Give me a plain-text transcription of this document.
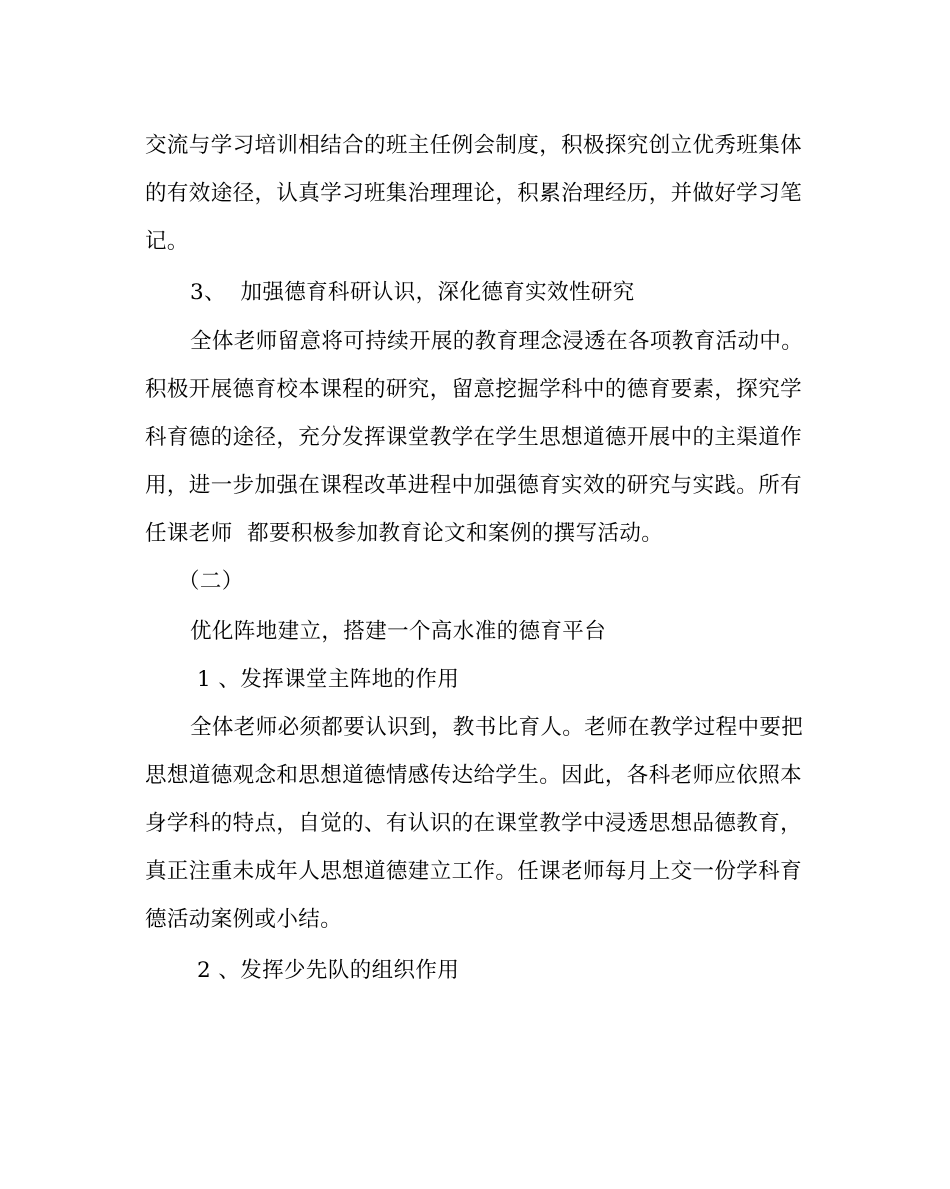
交流与学习培训相结合的班主任例会制度，积极探究创立优秀班集体
的有效途径，认真学习班集治理理论，积累治理经历，并做好学习笔
记。
3、  加强德育科研认识，深化德育实效性研究
全体老师留意将可持续开展的教育理念浸透在各项教育活动中。
积极开展德育校本课程的研究，留意挖掘学科中的德育要素，探究学
科育德的途径，充分发挥课堂教学在学生思想道德开展中的主渠道作
用，进一步加强在课程改革进程中加强德育实效的研究与实践。所有
任课老师  都要积极参加教育论文和案例的撰写活动。
（二）
优化阵地建立，搭建一个高水准的德育平台
1 、发挥课堂主阵地的作用
全体老师必须都要认识到，教书比育人。老师在教学过程中要把
思想道德观念和思想道德情感传达给学生。因此，各科老师应依照本
身学科的特点，自觉的、有认识的在课堂教学中浸透思想品德教育，
真正注重未成年人思想道德建立工作。任课老师每月上交一份学科育
德活动案例或小结。
2 、发挥少先队的组织作用
